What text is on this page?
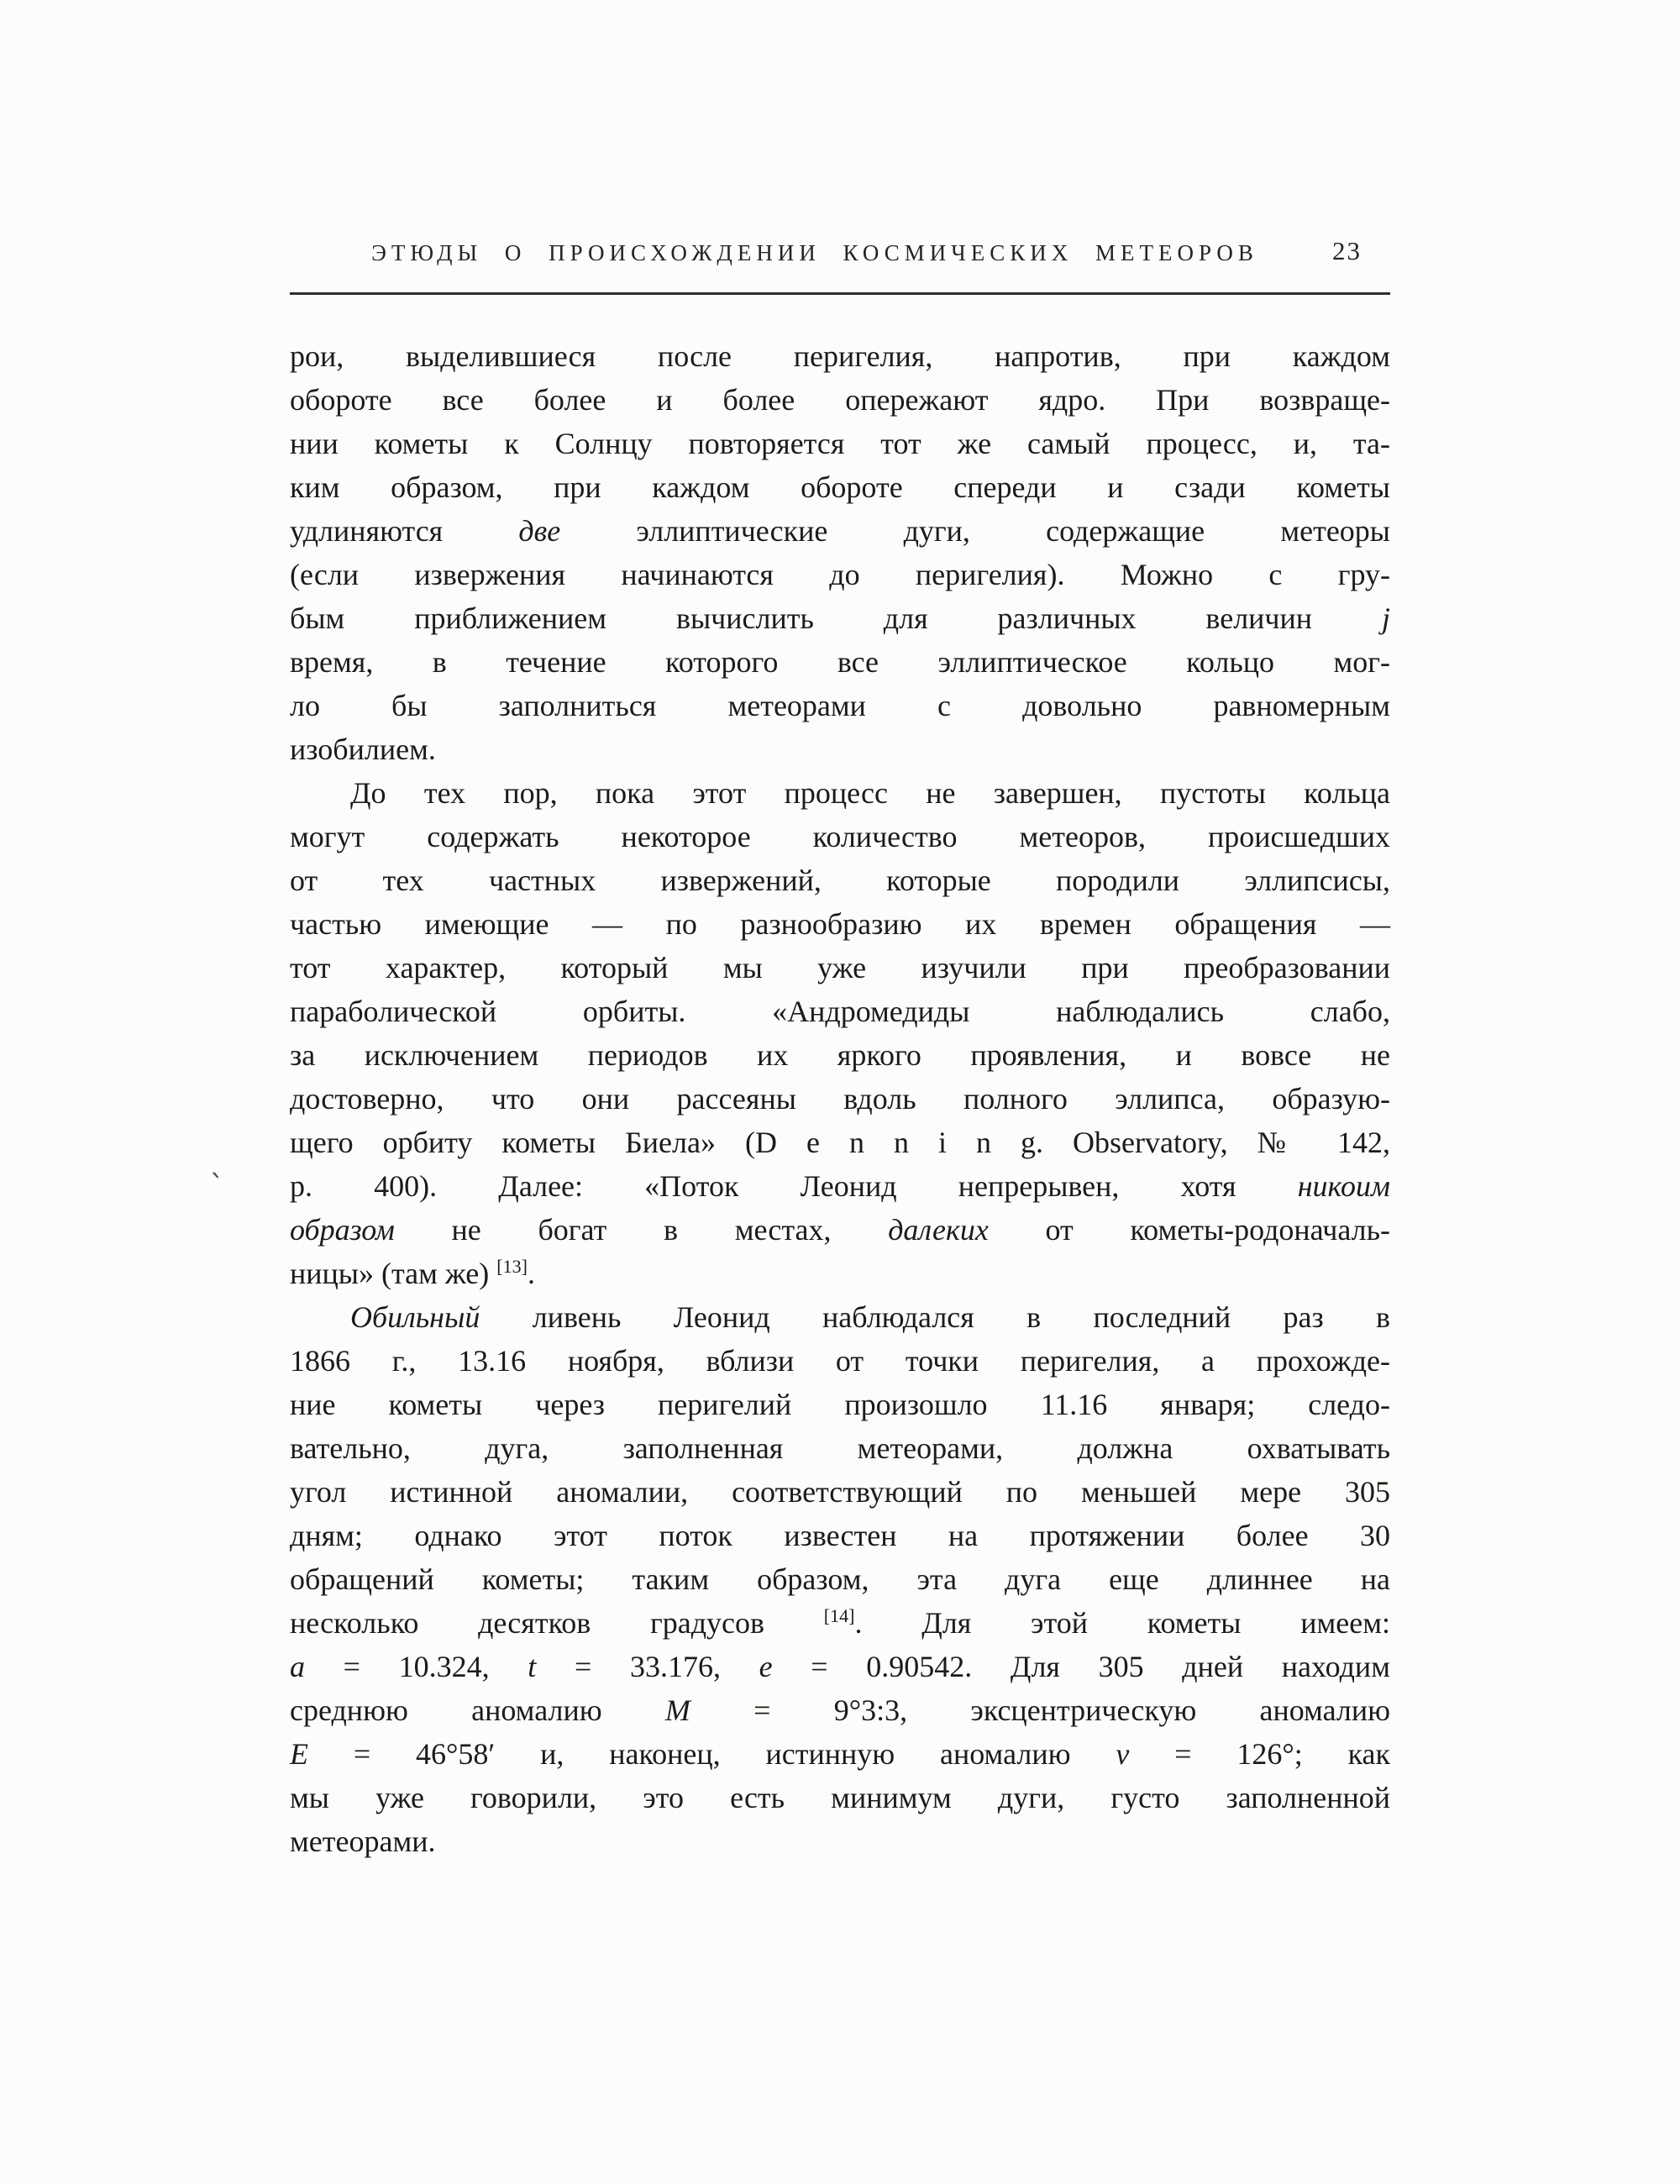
ЭТЮДЫ О ПРОИСХОЖДЕНИИ КОСМИЧЕСКИХ МЕТЕОРОВ	23
`
рои, выделившиеся после перигелия, напротив, при каждом
обороте все более и более опережают ядро. При возвраще-
нии кометы к Солнцу повторяется тот же самый процесс, и, та-
ким образом, при каждом обороте спереди и сзади кометы
удлиняются две эллиптические дуги, содержащие метеоры
(если извержения начинаются до перигелия). Можно с гру-
бым приближением вычислить для различных величин j
время, в течение которого все эллиптическое кольцо мог-
ло бы заполниться метеорами с довольно равномерным
изобилием.
До тех пор, пока этот процесс не завершен, пустоты кольца
могут содержать некоторое количество метеоров, происшедших
от тех частных извержений, которые породили эллипсисы,
частью имеющие — по разнообразию их времен обращения —
тот характер, который мы уже изучили при преобразовании
параболической орбиты. «Андромедиды наблюдались слабо,
за исключением периодов их яркого проявления, и вовсе не
достоверно, что они рассеяны вдоль полного эллипса, образую-
щего орбиту кометы Биела» (D e n n i n g. Observatory, № 142,
p. 400). Далее: «Поток Леонид непрерывен, хотя никоим
образом не богат в местах, далеких от кометы-родоначаль-
ницы» (там же) [13].
Обильный ливень Леонид наблюдался в последний раз в
1866 г., 13.16 ноября, вблизи от точки перигелия, а прохожде-
ние кометы через перигелий произошло 11.16 января; следо-
вательно, дуга, заполненная метеорами, должна охватывать
угол истинной аномалии, соответствующий по меньшей мере 305
дням; однако этот поток известен на протяжении более 30
обращений кометы; таким образом, эта дуга еще длиннее на
несколько десятков градусов [14]. Для этой кометы имеем:
a = 10.324, t = 33.176, e = 0.90542. Для 305 дней находим
среднюю аномалию M = 9°3:3, эксцентрическую аномалию
E = 46°58′ и, наконец, истинную аномалию v = 126°; как
мы уже говорили, это есть минимум дуги, густо заполненной
метеорами.
